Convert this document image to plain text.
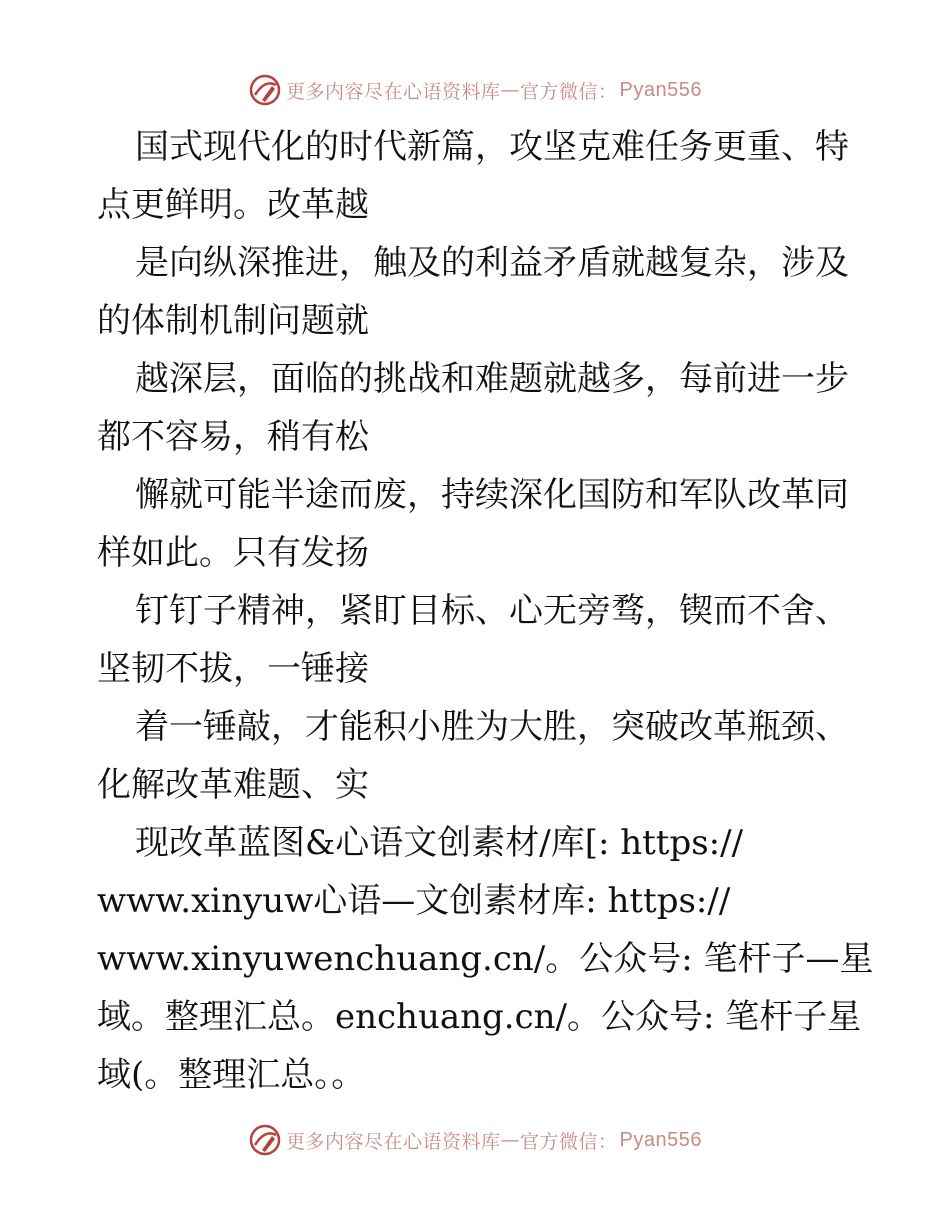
更多内容尽在心语资料库 — 官方微信： Pyan556
国式现代化的时代新篇，攻坚克难任务更重、特
点更鲜明。改革越
是向纵深推进，触及的利益矛盾就越复杂，涉及
的体制机制问题就
越深层，面临的挑战和难题就越多，每前进一步
都不容易，稍有松
懈就可能半途而废，持续深化国防和军队改革同
样如此。只有发扬
钉钉子精神，紧盯目标、心无旁骛，锲而不舍、
坚韧不拔，一锤接
着一锤敲，才能积小胜为大胜，突破改革瓶颈、
化解改革难题、实
现改革蓝图&心语文创素材/库[: https://
www.xinyuw心语—文创素材库: https://
www.xinyuwenchuang.cn/。公众号: 笔杆子—星
域。整理汇总。enchuang.cn/。公众号: 笔杆子星
域(。整理汇总。。
更多内容尽在心语资料库 — 官方微信： Pyan556
